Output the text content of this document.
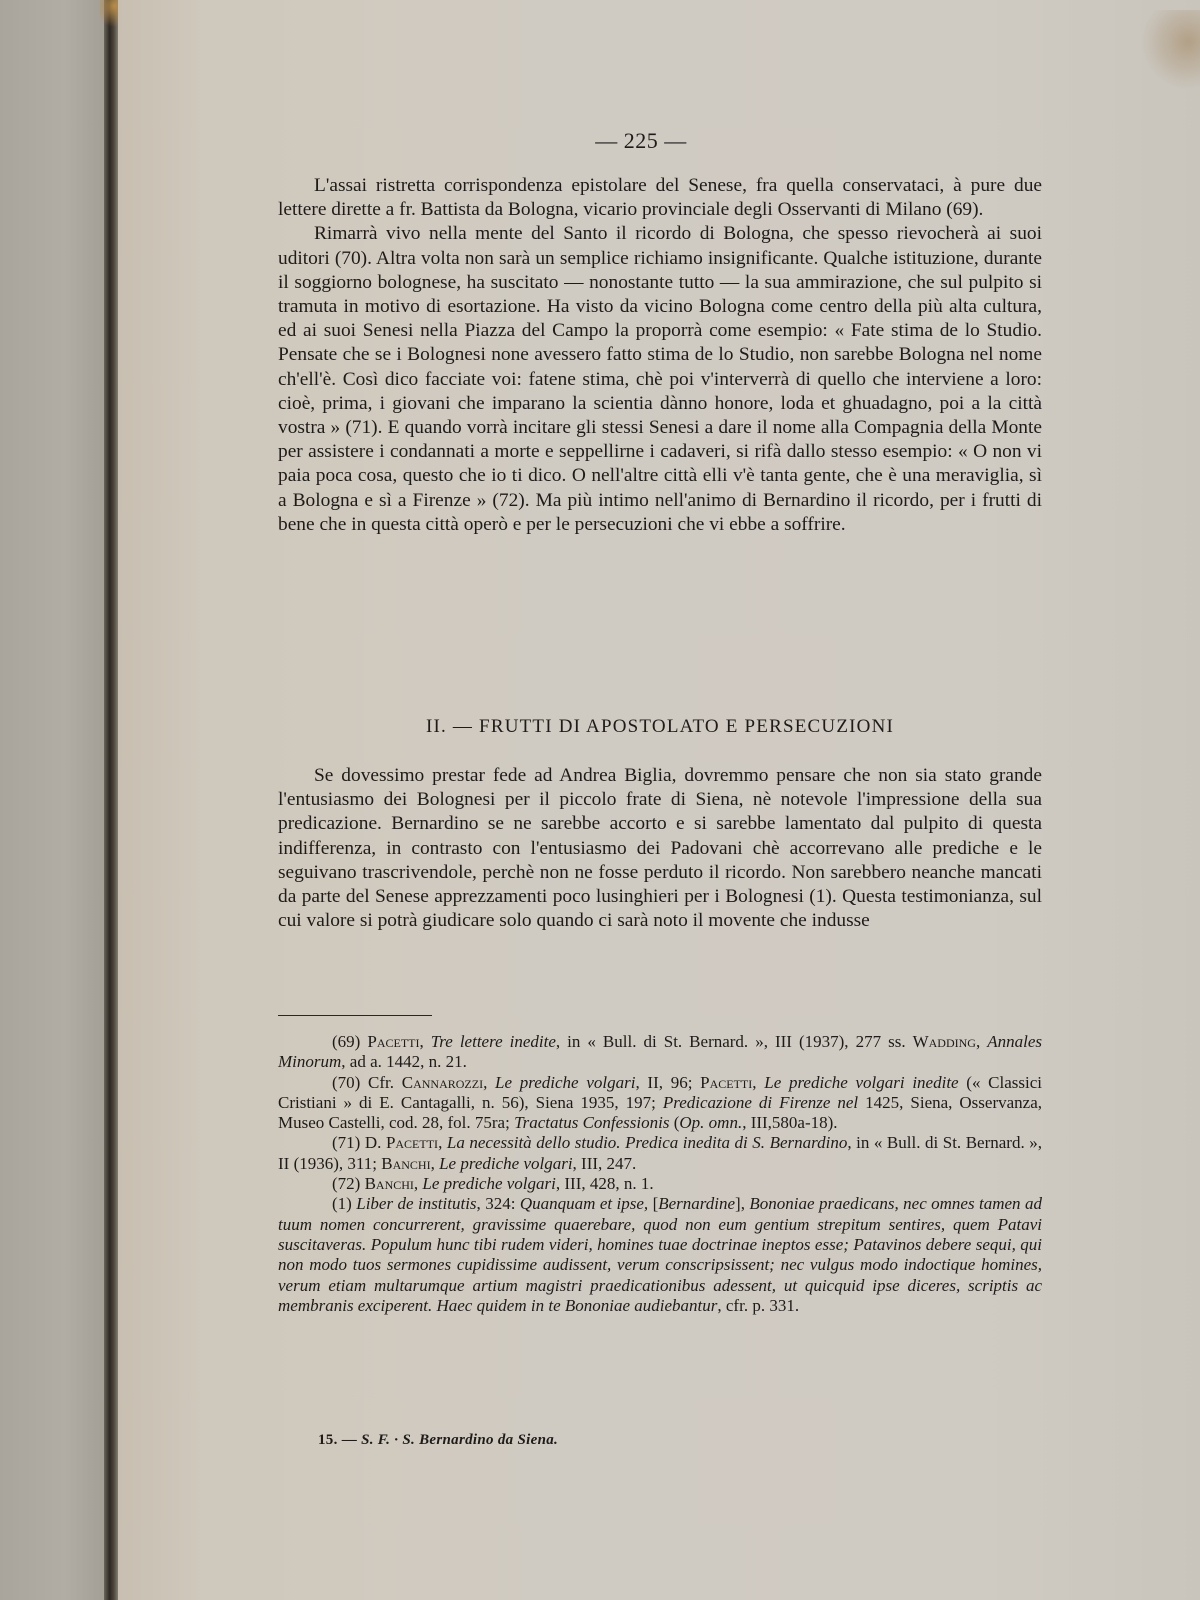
— 225 —

L'assai ristretta corrispondenza epistolare del Senese, fra quella conservataci, à pure due lettere dirette a fr. Battista da Bologna, vicario provinciale degli Osservanti di Milano (69).

Rimarrà vivo nella mente del Santo il ricordo di Bologna, che spesso rievocherà ai suoi uditori (70). Altra volta non sarà un semplice richiamo insignificante. Qualche istituzione, durante il soggiorno bolognese, ha suscitato — nonostante tutto — la sua ammirazione, che sul pulpito si tramuta in motivo di esortazione. Ha visto da vicino Bologna come centro della più alta cultura, ed ai suoi Senesi nella Piazza del Campo la proporrà come esempio: « Fate stima de lo Studio. Pensate che se i Bolognesi none avessero fatto stima de lo Studio, non sarebbe Bologna nel nome ch'ell'è. Così dico facciate voi: fatene stima, chè poi v'interverrà di quello che interviene a loro: cioè, prima, i giovani che imparano la scientia dànno honore, loda et ghuadagno, poi a la città vostra » (71). E quando vorrà incitare gli stessi Senesi a dare il nome alla Compagnia della Monte per assistere i condannati a morte e seppellirne i cadaveri, si rifà dallo stesso esempio: « O non vi paia poca cosa, questo che io ti dico. O nell'altre città elli v'è tanta gente, che è una meraviglia, sì a Bologna e sì a Firenze » (72). Ma più intimo nell'animo di Bernardino il ricordo, per i frutti di bene che in questa città operò e per le persecuzioni che vi ebbe a soffrire.

II. — FRUTTI DI APOSTOLATO E PERSECUZIONI

Se dovessimo prestar fede ad Andrea Biglia, dovremmo pensare che non sia stato grande l'entusiasmo dei Bolognesi per il piccolo frate di Siena, nè notevole l'impressione della sua predicazione. Bernardino se ne sarebbe accorto e si sarebbe lamentato dal pulpito di questa indifferenza, in contrasto con l'entusiasmo dei Padovani chè accorrevano alle prediche e le seguivano trascrivendole, perchè non ne fosse perduto il ricordo. Non sarebbero neanche mancati da parte del Senese apprezzamenti poco lusinghieri per i Bolognesi (1). Questa testimonianza, sul cui valore si potrà giudicare solo quando ci sarà noto il movente che indusse

(69) Pacetti, Tre lettere inedite, in « Bull. di St. Bernard. », III (1937), 277 ss. Wadding, Annales Minorum, ad a. 1442, n. 21.

(70) Cfr. Cannarozzi, Le prediche volgari, II, 96; Pacetti, Le prediche volgari inedite (« Classici Cristiani » di E. Cantagalli, n. 56), Siena 1935, 197; Predicazione di Firenze nel 1425, Siena, Osservanza, Museo Castelli, cod. 28, fol. 75ra; Tractatus Confessionis (Op. omn., III,580a-18).

(71) D. Pacetti, La necessità dello studio. Predica inedita di S. Bernardino, in « Bull. di St. Bernard. », II (1936), 311; Banchi, Le prediche volgari, III, 247.

(72) Banchi, Le prediche volgari, III, 428, n. 1.

(1) Liber de institutis, 324: Quanquam et ipse, [Bernardine], Bononiae praedicans, nec omnes tamen ad tuum nomen concurrerent, gravissime quaerebare, quod non eum gentium strepitum sentires, quem Patavi suscitaveras. Populum hunc tibi rudem videri, homines tuae doctrinae ineptos esse; Patavinos debere sequi, qui non modo tuos sermones cupidissime audissent, verum conscripsissent; nec vulgus modo indoctique homines, verum etiam multarumque artium magistri praedicationibus adessent, ut quicquid ipse diceres, scriptis ac membranis exciperent. Haec quidem in te Bononiae audiebantur, cfr. p. 331.

15. — S. F. · S. Bernardino da Siena.
